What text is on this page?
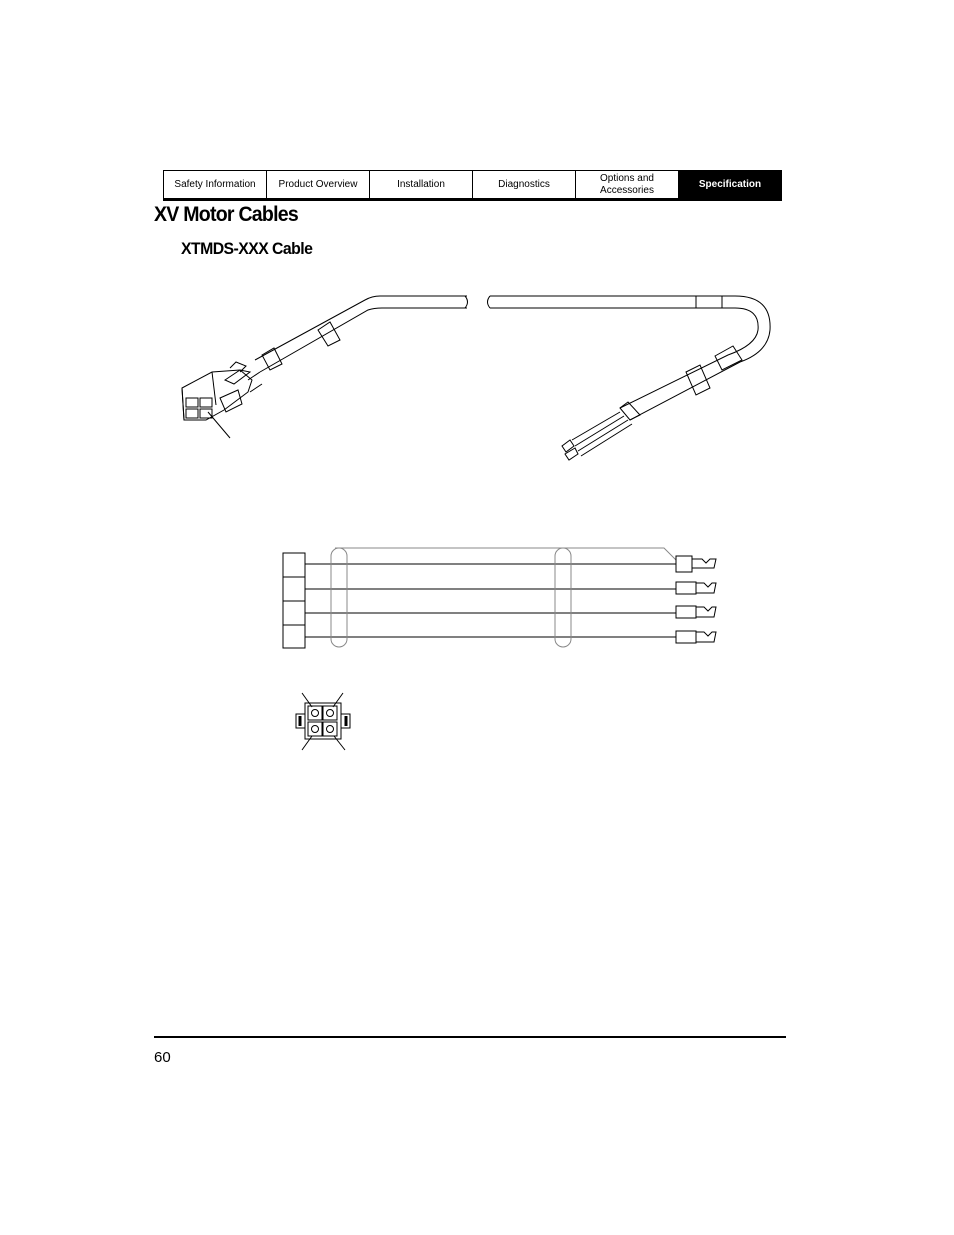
Safety Information	Product Overview	Installation	Diagnostics
Options and
Accessories
Specification
XV Motor Cables
XTMDS-XXX Cable
60
